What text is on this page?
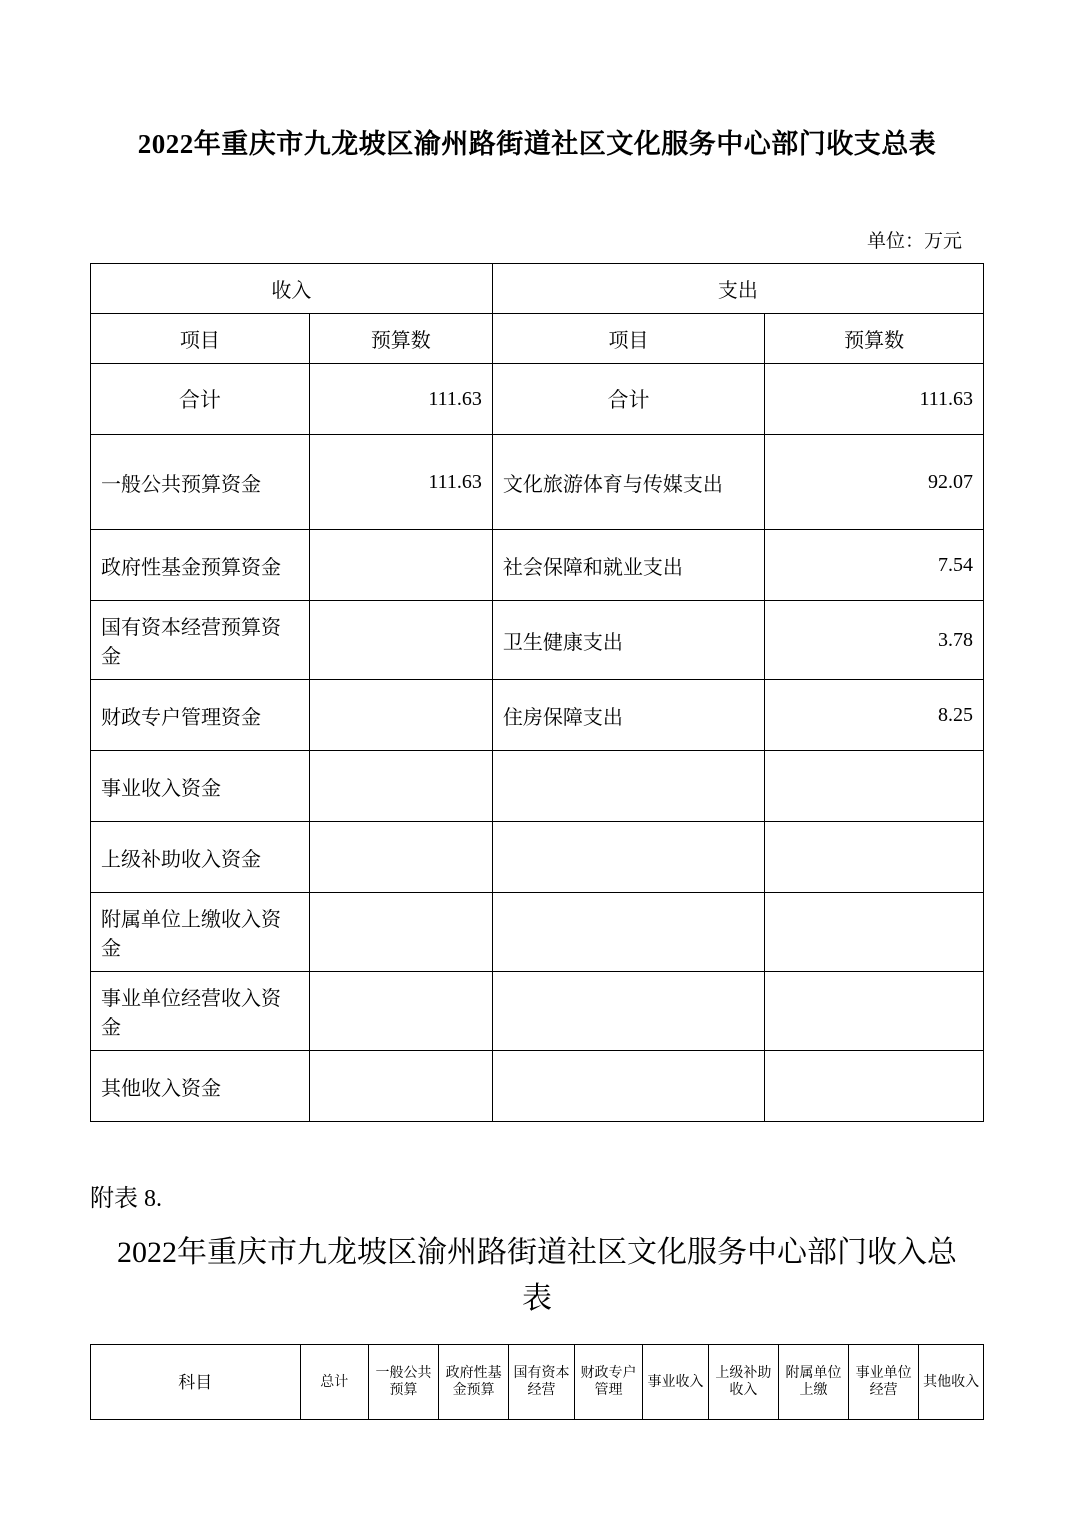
2022年重庆市九龙坡区渝州路街道社区文化服务中心部门收支总表
单位：万元
收入		支出	
项目	预算数	项目	预算数
合计	111.63	合计	111.63
一般公共预算资金	111.63	文化旅游体育与传媒支出	92.07
政府性基金预算资金		社会保障和就业支出	7.54
国有资本经营预算资金		卫生健康支出	3.78
财政专户管理资金		住房保障支出	8.25
事业收入资金			
上级补助收入资金			
附属单位上缴收入资金			
事业单位经营收入资金			
其他收入资金			
附表 8.
2022年重庆市九龙坡区渝州路街道社区文化服务中心部门收入总表
科目	总计	一般公共预算	政府性基金预算	国有资本经营	财政专户管理	事业收入	上级补助收入	附属单位上缴	事业单位经营	其他收入
